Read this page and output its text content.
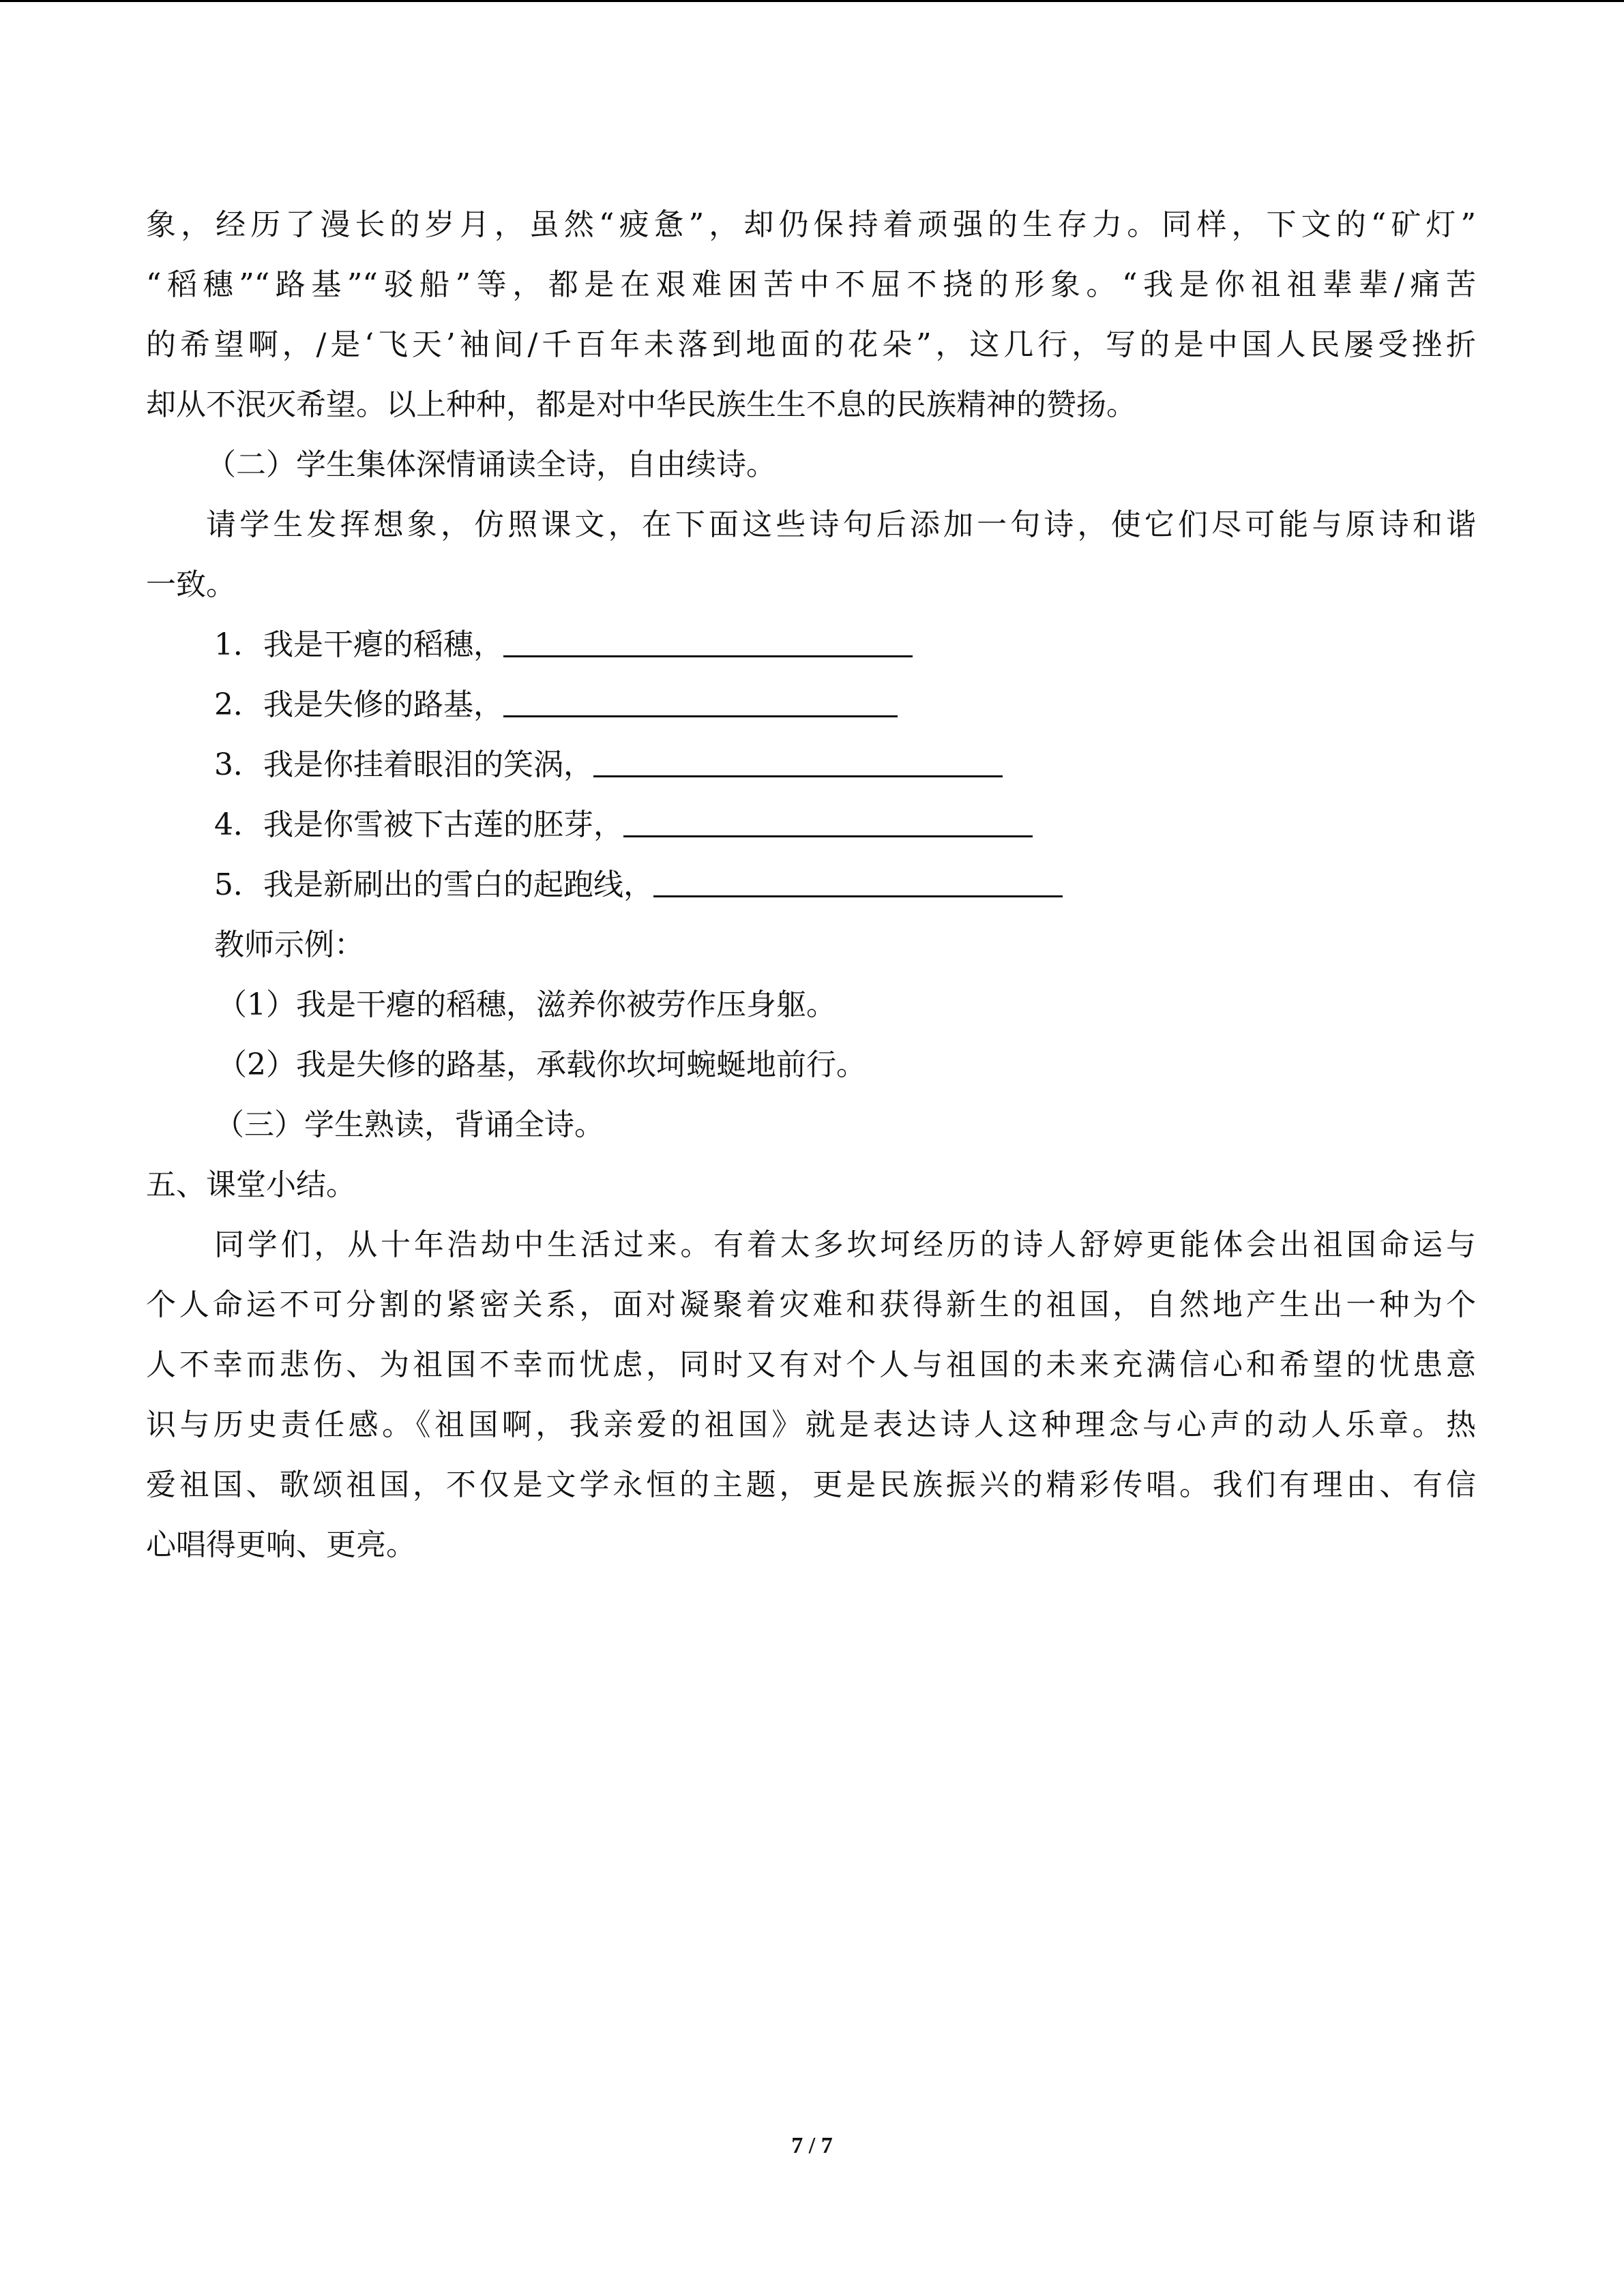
象，经历了漫长的岁月，虽然“疲惫”，却仍保持着顽强的生存力。同样，下文的“矿灯”
“稻穗”“路基”“驳船”等，都是在艰难困苦中不屈不挠的形象。“我是你祖祖辈辈/痛苦
的希望啊，/是‘飞天’袖间/千百年未落到地面的花朵”，这几行，写的是中国人民屡受挫折
却从不泯灭希望。以上种种，都是对中华民族生生不息的民族精神的赞扬。
（二）学生集体深情诵读全诗，自由续诗。
请学生发挥想象，仿照课文，在下面这些诗句后添加一句诗，使它们尽可能与原诗和谐
一致。
1．我是干瘪的稻穗，
2．我是失修的路基，
3．我是你挂着眼泪的笑涡，
4．我是你雪被下古莲的胚芽，
5．我是新刷出的雪白的起跑线，
教师示例：
（1）我是干瘪的稻穗，滋养你被劳作压身躯。
（2）我是失修的路基，承载你坎坷蜿蜒地前行。
（三）学生熟读，背诵全诗。
五、课堂小结。
同学们，从十年浩劫中生活过来。有着太多坎坷经历的诗人舒婷更能体会出祖国命运与
个人命运不可分割的紧密关系，面对凝聚着灾难和获得新生的祖国，自然地产生出一种为个
人不幸而悲伤、为祖国不幸而忧虑，同时又有对个人与祖国的未来充满信心和希望的忧患意
识与历史责任感。《祖国啊，我亲爱的祖国》就是表达诗人这种理念与心声的动人乐章。热
爱祖国、歌颂祖国，不仅是文学永恒的主题，更是民族振兴的精彩传唱。我们有理由、有信
心唱得更响、更亮。
7 / 7
